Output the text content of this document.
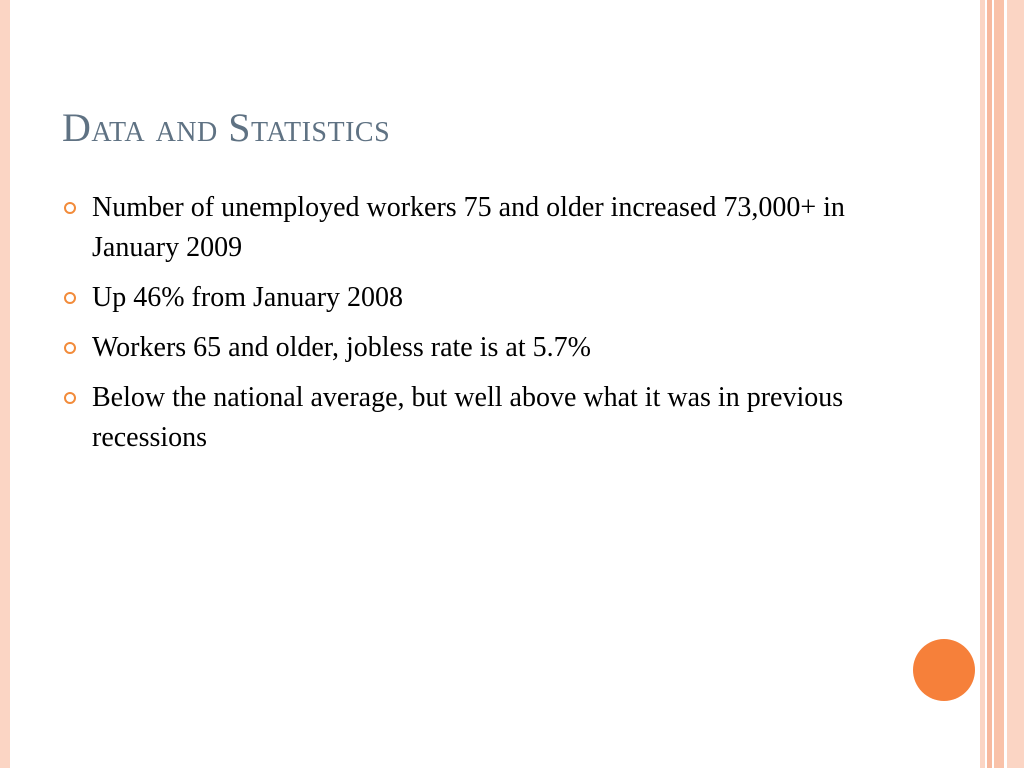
Data and Statistics
Number of unemployed workers 75 and older increased 73,000+ in January 2009
Up 46% from January 2008
Workers 65 and older, jobless rate is at 5.7%
Below the national average, but well above what it was in previous recessions
